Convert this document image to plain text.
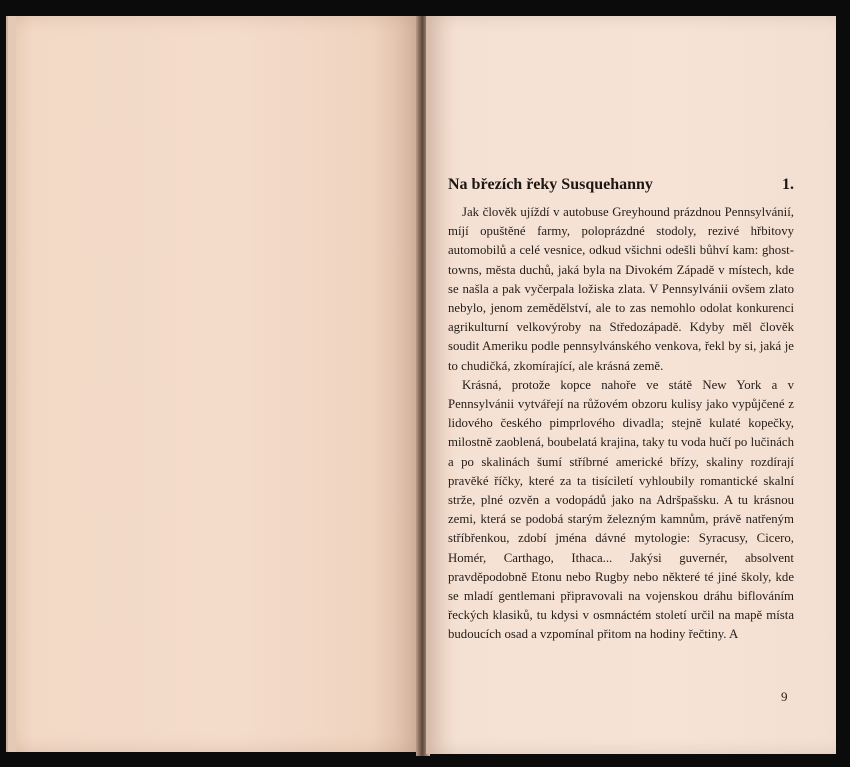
Na březích řeky Susquehanny	1.

Jak člověk ujíždí v autobuse Greyhound prázdnou Pennsylvánií, míjí opuštěné farmy, poloprázdné stodoly, rezivé hřbitovy automobilů a celé vesnice, odkud všichni odešli bůhví kam: ghost-towns, města duchů, jaká byla na Divokém Západě v místech, kde se našla a pak vyčerpala ložiska zlata. V Pennsylvánii ovšem zlato nebylo, jenom zemědělství, ale to zas nemohlo odolat konkurenci agrikulturní velkovýroby na Středozápadě. Kdyby měl člověk soudit Ameriku podle pennsylvánského venkova, řekl by si, jaká je to chudičká, zkomírající, ale krásná země.

Krásná, protože kopce nahoře ve státě New York a v Pennsylvánii vytvářejí na růžovém obzoru kulisy jako vypůjčené z lidového českého pimprlového divadla; stejně kulaté kopečky, milostně zaoblená, boubelatá krajina, taky tu voda hučí po lučinách a po skalinách šumí stříbrné americké břízy, skaliny rozdírají pravěké říčky, které za ta tisíciletí vyhloubily romantické skalní strže, plné ozvěn a vodopádů jako na Adršpašsku. A tu krásnou zemi, která se podobá starým železným kamnům, právě natřeným stříbřenkou, zdobí jména dávné mytologie: Syracusy, Cicero, Homér, Carthago, Ithaca... Jakýsi guvernér, absolvent pravděpodobně Etonu nebo Rugby nebo některé té jiné školy, kde se mladí gentlemani připravovali na vojenskou dráhu biflováním řeckých klasiků, tu kdysi v osmnáctém století určil na mapě místa budoucích osad a vzpomínal přitom na hodiny řečtiny. A

9
